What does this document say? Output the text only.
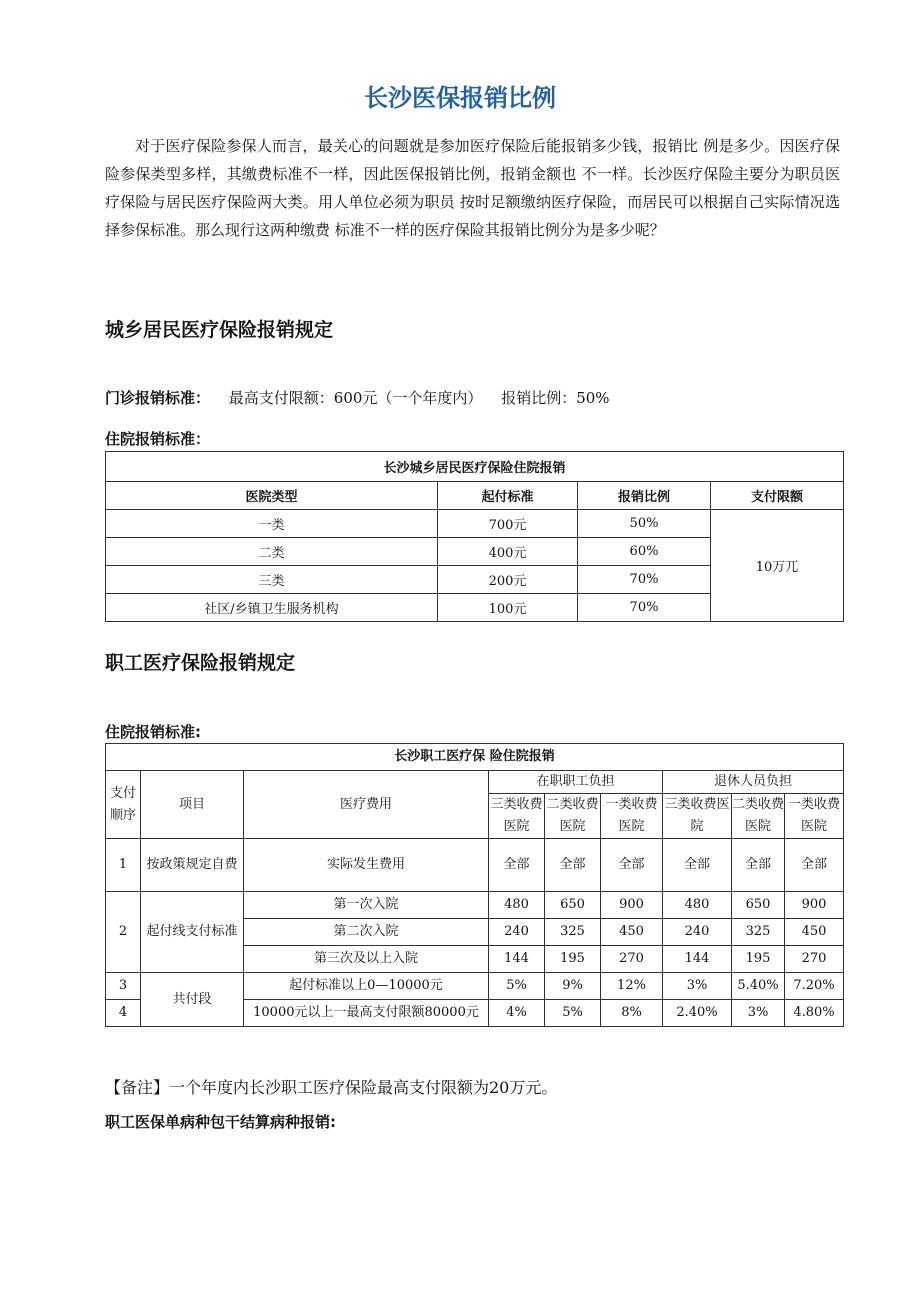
长沙医保报销比例
对于医疗保险参保人而言，最关心的问题就是参加医疗保险后能报销多少钱，报销比 例是多少。因医疗保险参保类型多样，其缴费标准不一样，因此医保报销比例，报销金额也 不一样。长沙医疗保险主要分为职员医疗保险与居民医疗保险两大类。用人单位必须为职员 按时足额缴纳医疗保险，而居民可以根据自己实际情况选择参保标准。那么现行这两种缴费 标准不一样的医疗保险其报销比例分为是多少呢？
城乡居民医疗保险报销规定
门诊报销标准： 最高支付限额：600元（一个年度内） 报销比例：50%
住院报销标准：
长沙城乡居民医疗保险住院报销			
医院类型	起付标准	报销比例	支付限额
一类	700元	50%	10万兀
二类	400元	60%	
三类	200元	70%	
社区/乡镇卫生服务机构	100元	70%	
职工医疗保险报销规定
住院报销标准:
长沙职工医疗保 险住院报销								
支付顺序	项目	医疗费用	在职职工负担			退休人员负担		
			三类收费医院	二类收费医院	一类收费医院	三类收费医院	二类收费医院	一类收费医院
1	按政策规定自费	实际发生费用	全部	全部	全部	全部	全部	全部
2	起付线支付标准	第一次入院	480	650	900	480	650	900
		第二次入院	240	325	450	240	325	450
		第三次及以上入院	144	195	270	144	195	270
3	共付段	起付标准以上0—10000元	5%	9%	12%	3%	5.40%	7.20%
4		10000元以上一最高支付限额80000元	4%	5%	8%	2.40%	3%	4.80%
【备注】一个年度内长沙职工医疗保险最高支付限额为20万元。
职工医保单病种包干结算病种报销:
